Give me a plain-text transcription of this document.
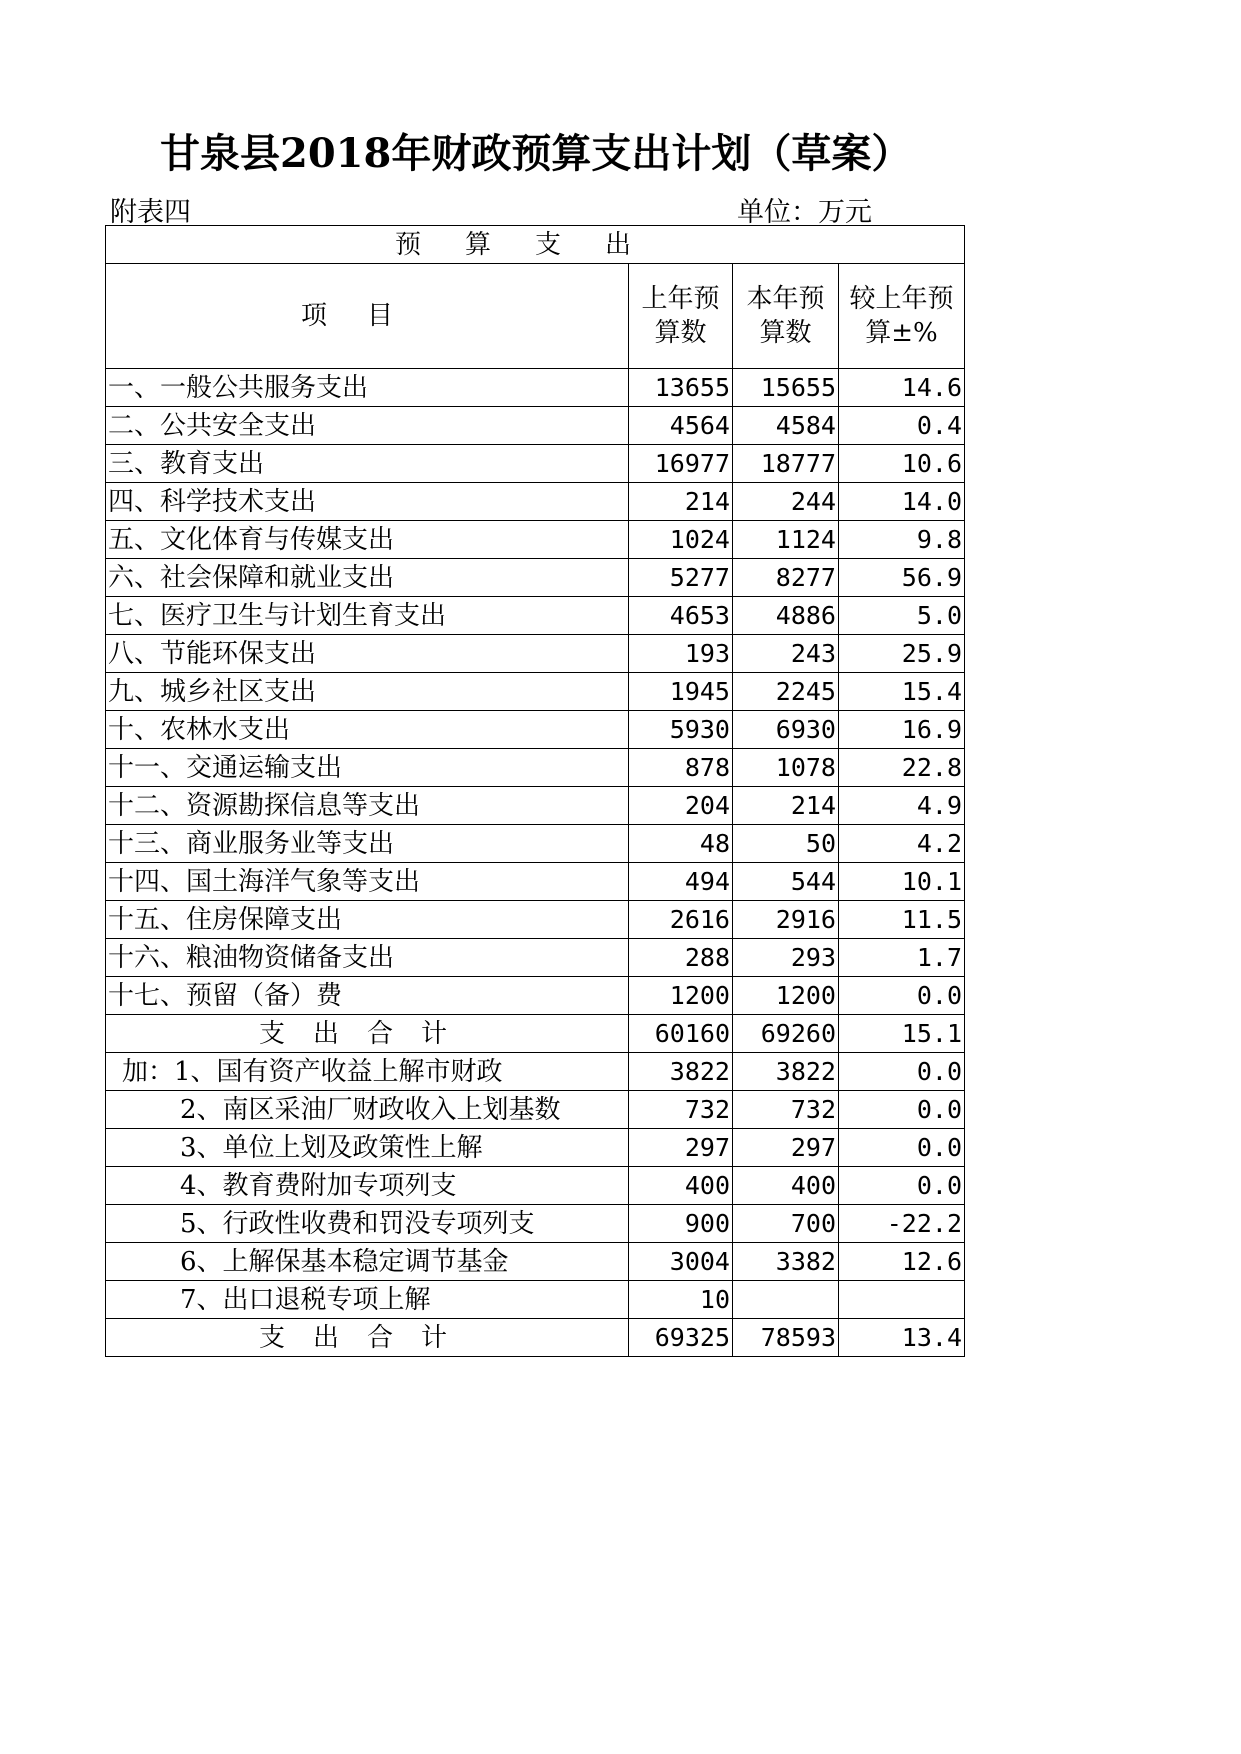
甘泉县2018年财政预算支出计划（草案）
附表四	单位：万元
预算支出			
项目	上年预算数	本年预算数	较上年预算±%
一、一般公共服务支出	13655	15655	14.6
二、公共安全支出	4564	4584	0.4
三、教育支出	16977	18777	10.6
四、科学技术支出	214	244	14.0
五、文化体育与传媒支出	1024	1124	9.8
六、社会保障和就业支出	5277	8277	56.9
七、医疗卫生与计划生育支出	4653	4886	5.0
八、节能环保支出	193	243	25.9
九、城乡社区支出	1945	2245	15.4
十、农林水支出	5930	6930	16.9
十一、交通运输支出	878	1078	22.8
十二、资源勘探信息等支出	204	214	4.9
十三、商业服务业等支出	48	50	4.2
十四、国土海洋气象等支出	494	544	10.1
十五、住房保障支出	2616	2916	11.5
十六、粮油物资储备支出	288	293	1.7
十七、预留（备）费	1200	1200	0.0
支出合计	60160	69260	15.1
加：1、国有资产收益上解市财政	3822	3822	0.0
2、南区采油厂财政收入上划基数	732	732	0.0
3、单位上划及政策性上解	297	297	0.0
4、教育费附加专项列支	400	400	0.0
5、行政性收费和罚没专项列支	900	700	-22.2
6、上解保基本稳定调节基金	3004	3382	12.6
7、出口退税专项上解	10		
支出合计	69325	78593	13.4
